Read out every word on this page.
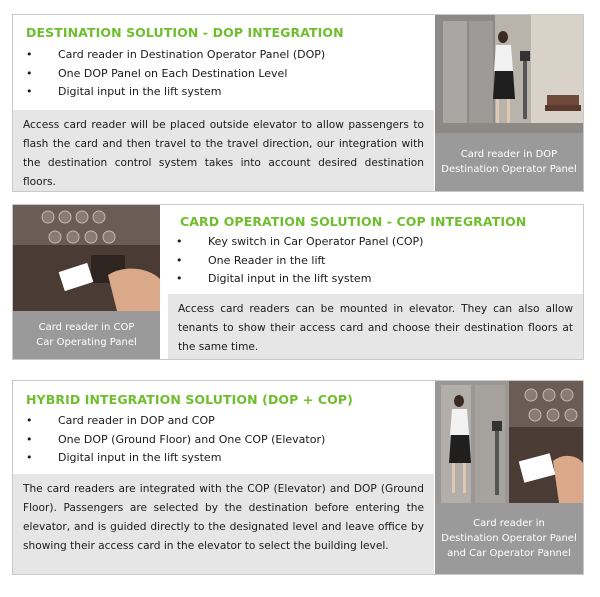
DESTINATION SOLUTION - DOP INTEGRATION
• Card reader in Destination Operator Panel (DOP)
• One DOP Panel on Each Destination Level
• Digital input in the lift system
Access card reader will be placed outside elevator to allow passengers to flash the card and then travel to the travel direction, our integration with the destination control system takes into account desired destination floors.
Card reader in DOP
Destination Operator Panel
Card reader in COP
Car Operating Panel
CARD OPERATION SOLUTION - COP INTEGRATION
• Key switch in Car Operator Panel (COP)
• One Reader in the lift
• Digital input in the lift system
Access card readers can be mounted in elevator. They can also allow tenants to show their access card and choose their destination floors at the same time.
HYBRID INTEGRATION SOLUTION (DOP + COP)
• Card reader in DOP and COP
• One DOP (Ground Floor) and One COP (Elevator)
• Digital input in the lift system
The card readers are integrated with the COP (Elevator) and DOP (Ground Floor). Passengers are selected by the destination before entering the elevator, and is guided directly to the designated level and leave office by showing their access card in the elevator to select the building level.
Card reader in
Destination Operator Panel
and Car Operator Pannel
